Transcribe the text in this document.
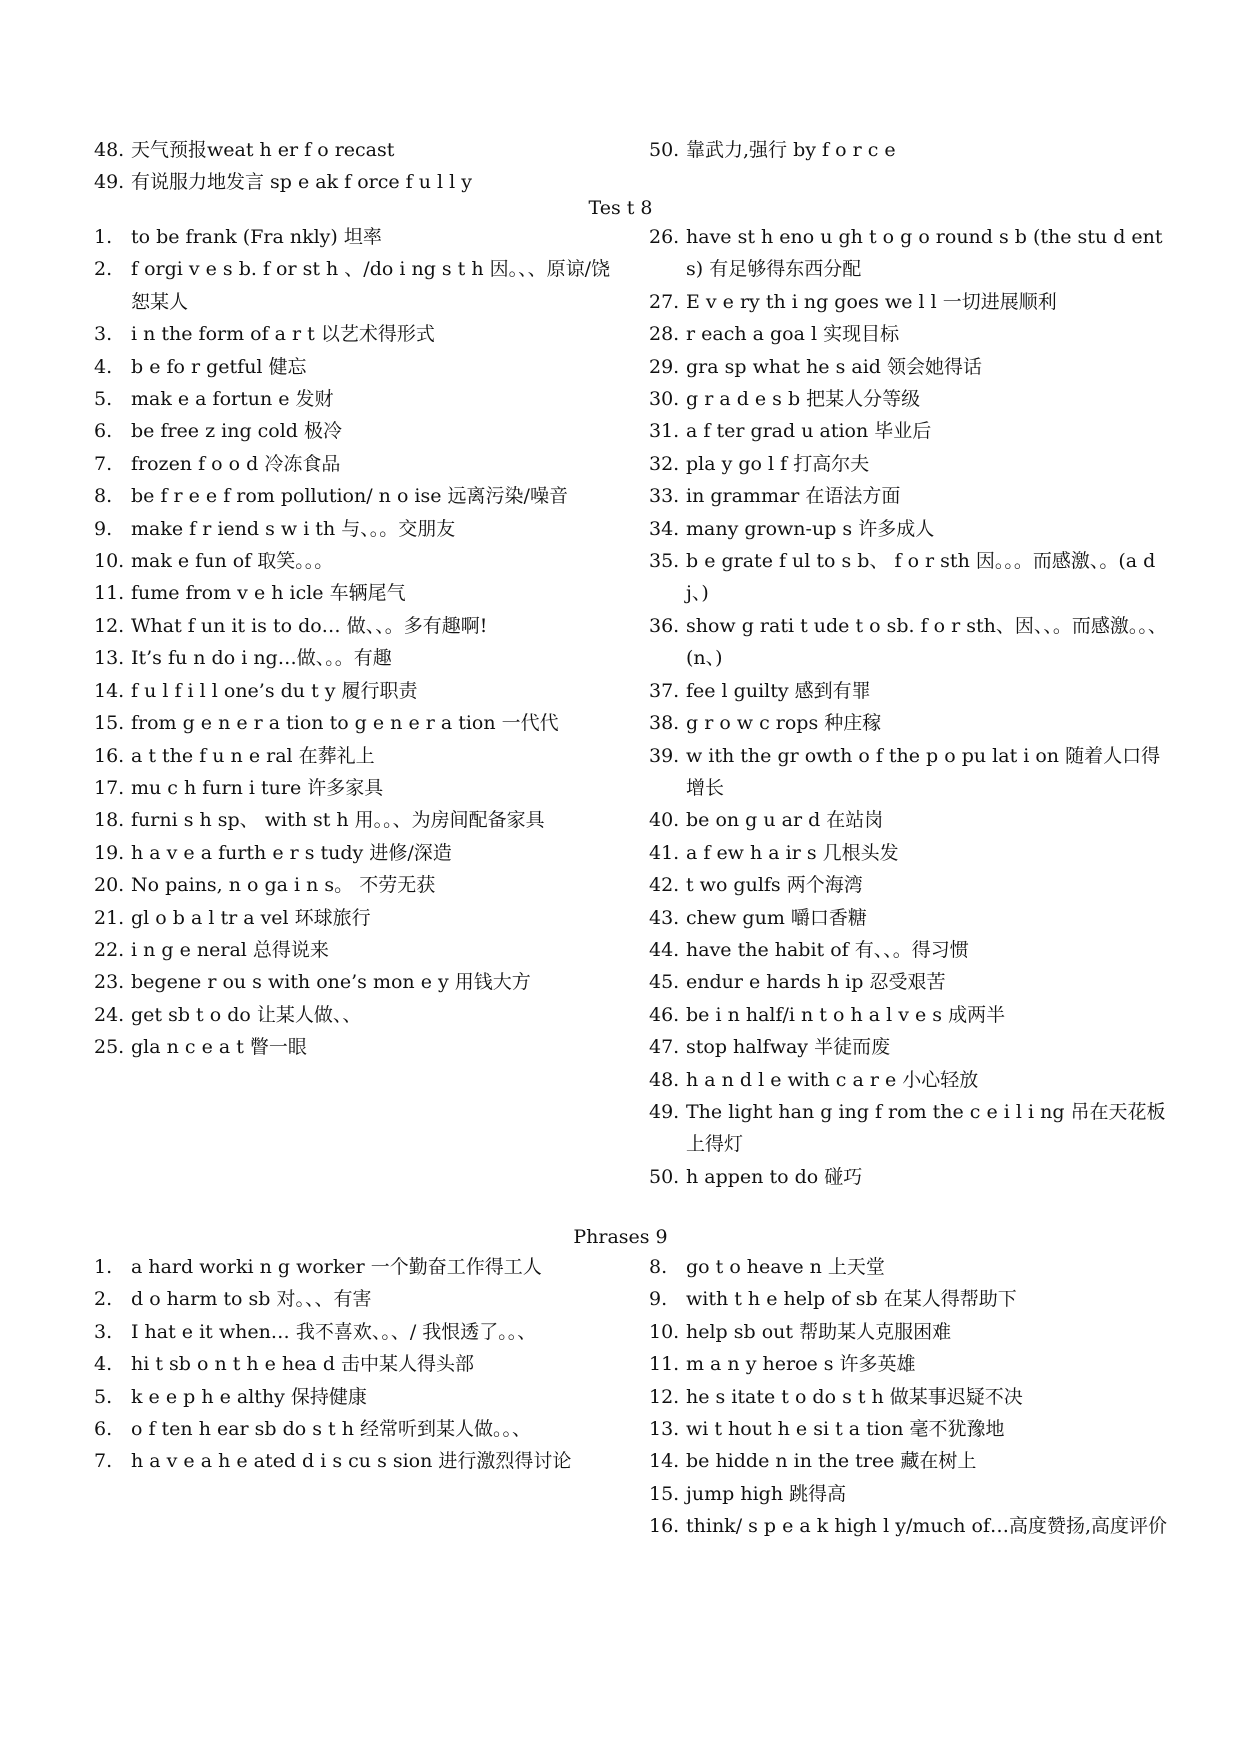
48. 天气预报weat h er f o recast
49. 有说服力地发言 sp e ak f orce f u l l y
50. 靠武力,强行 by f o r c e
Tes t 8
1. to be frank (Fra nkly) 坦率
2. f orgi v e s b. f or st h 、/do i ng s t h 因。、、原谅/饶恕某人
3. i n the form of a r t 以艺术得形式
4. b e fo r getful 健忘
5. mak e a fortun e 发财
6. be free z ing cold 极冷
7. frozen f o o d 冷冻食品
8. be f r e e f rom pollution/ n o ise 远离污染/噪音
9. make f r iend s w i th 与、。。交朋友
10. mak e fun of 取笑。。。
11. fume from v e h icle 车辆尾气
12. What f un it is to do… 做、、。多有趣啊!
13. It’s fu n do i ng…做、。。有趣
14. f u l f i l l one’s du t y 履行职责
15. from g e n e r a tion to g e n e r a tion 一代代
16. a t the f u n e ral 在葬礼上
17. mu c h furn i ture 许多家具
18. furni s h sp、 with st h 用。。、为房间配备家具
19. h a v e a furth e r s tudy 进修/深造
20. No pains, n o ga i n s。 不劳无获
21. gl o b a l tr a vel 环球旅行
22. i n g e neral 总得说来
23. begene r ou s with one’s mon e y 用钱大方
24. get sb t o do 让某人做、、
25. gla n c e a t 瞥一眼
26. have st h eno u gh t o g o round s b (the stu d ent s) 有足够得东西分配
27. E v e ry th i ng goes we l l 一切进展顺利
28. r each a goa l 实现目标
29. gra sp what he s aid 领会她得话
30. g r a d e s b 把某人分等级
31. a f ter grad u ation 毕业后
32. pla y go l f 打高尔夫
33. in grammar 在语法方面
34. many grown-up s 许多成人
35. b e grate f ul to s b、 f o r sth 因。。。而感激、。(a d j、)
36. show g rati t ude t o sb. f o r sth、因、、。而感激。。、(n、)
37. fee l guilty 感到有罪
38. g r o w c rops 种庄稼
39. w ith the gr owth o f the p o pu lat i on 随着人口得增长
40. be on g u ar d 在站岗
41. a f ew h a ir s 几根头发
42. t wo gulfs 两个海湾
43. chew gum 嚼口香糖
44. have the habit of 有、、。得习惯
45. endur e hards h ip 忍受艰苦
46. be i n half/i n t o h a l v e s 成两半
47. stop halfway 半徒而废
48. h a n d l e with c a r e 小心轻放
49. The light han g ing f rom the c e i l i ng 吊在天花板上得灯
50. h appen to do 碰巧
Phrases 9
1. a hard worki n g worker 一个勤奋工作得工人
2. d o harm to sb 对。、、有害
3. I hat e it when… 我不喜欢、。、/ 我恨透了。。、
4. hi t sb o n t h e hea d 击中某人得头部
5. k e e p h e althy 保持健康
6. o f ten h ear sb do s t h 经常听到某人做。。、
7. h a v e a h e ated d i s cu s sion 进行激烈得讨论
8. go t o heave n 上天堂
9. with t h e help of sb 在某人得帮助下
10. help sb out 帮助某人克服困难
11. m a n y heroe s 许多英雄
12. he s itate t o do s t h 做某事迟疑不决
13. wi t hout h e si t a tion 毫不犹豫地
14. be hidde n in the tree 藏在树上
15. jump high 跳得高
16. think/ s p e a k high l y/much of…高度赞扬,高度评价
